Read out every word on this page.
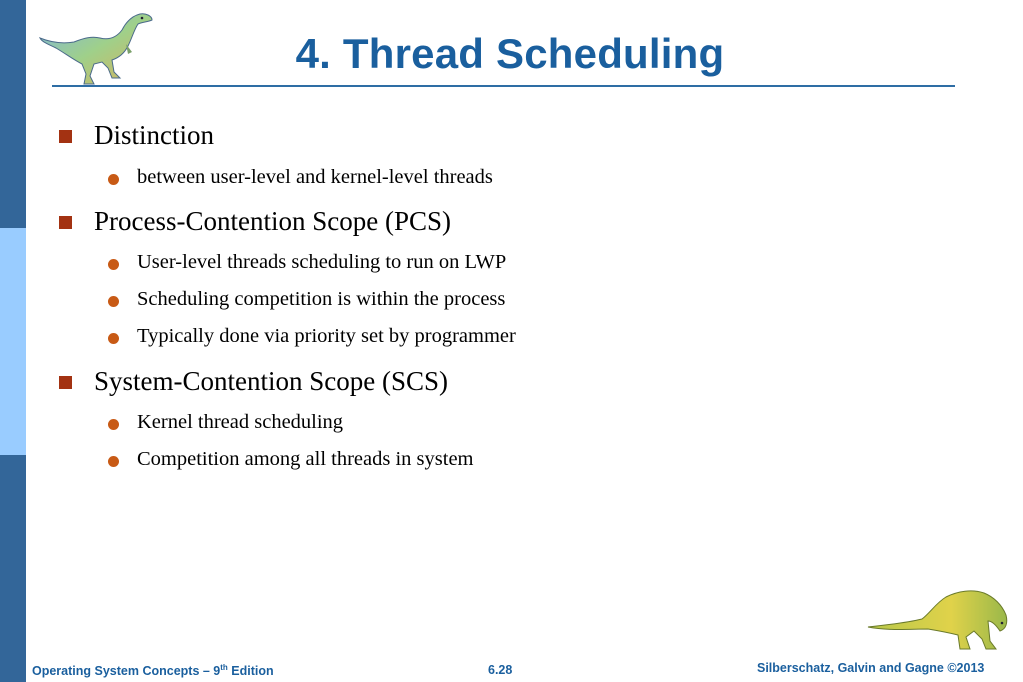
4. Thread Scheduling
Distinction
between user-level and kernel-level threads
Process-Contention Scope (PCS)
User-level threads scheduling to run on LWP
Scheduling competition is within the process
Typically done via priority set by programmer
System-Contention Scope (SCS)
Kernel thread scheduling
Competition among all threads in system
Operating System Concepts – 9th Edition	6.28	Silberschatz, Galvin and Gagne ©2013
